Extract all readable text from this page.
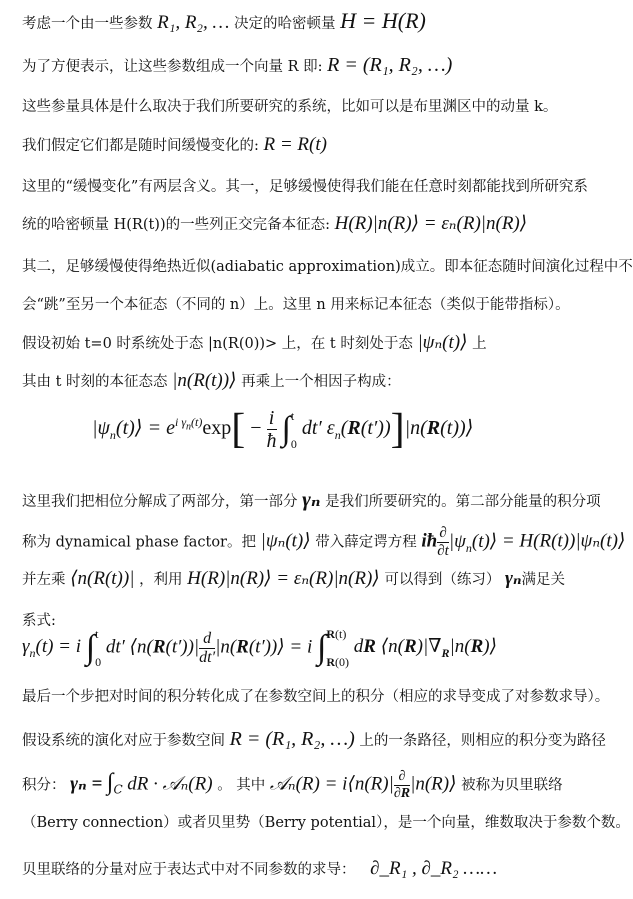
考虑一个由一些参数 R₁, R₂, … 决定的哈密顿量 H = H(R)
为了方便表示，让这些参数组成一个向量 R 即: R = (R₁, R₂, …)
这些参量具体是什么取决于我们所要研究的系统，比如可以是布里渊区中的动量 k。
我们假定它们都是随时间缓慢变化的: R = R(t)
这里的“缓慢变化”有两层含义。其一，足够缓慢使得我们能在任意时刻都能找到所研究系
统的哈密顿量 H(R(t))的一些列正交完备本征态: H(R)|n(R)⟩ = εₙ(R)|n(R)⟩
其二，足够缓慢使得绝热近似(adiabatic approximation)成立。即本征态随时间演化过程中不
会“跳”至另一个本征态（不同的 n）上。这里 n 用来标记本征态（类似于能带指标）。
假设初始 t=0 时系统处于态 |n(R(0))> 上，在 t 时刻处于态 |ψₙ(t)⟩ 上
其由 t 时刻的本征态态 |n(R(t))⟩ 再乘上一个相因子构成：
$|\psi_n(t)⟩ = e^{i \gamma_n(t)}\exp[ - \frac{i}{ħ}$ ∫ t
0
dt′ $\varepsilon_n(R(t'))]|n(R(t))⟩$
这里我们把相位分解成了两部分，第一部分 γₙ 是我们所要研究的。第二部分能量的积分项
称为 dynamical phase factor。把 |ψₙ(t)⟩ 带入薛定谔方程 iħ $\frac{\partial}{\partial t}$ $|\psi_n(t)⟩$ = H(R(t))|ψₙ(t)⟩
并左乘 ⟨n(R(t))| ，利用 H(R)|n(R)⟩ = εₙ(R)|n(R)⟩ 可以得到（练习） γₙ满足关
系式:
$\gamma_n(t) = i$ ∫ t
0
dt′ ⟨n(R(t′))| $\frac{d}{dt'}$ |n(R(t′))⟩ = i ∫ R(t)
R(0)
dR $⟨n(R)|\nabla_R|n(R)⟩$
最后一个步把对时间的积分转化成了在参数空间上的积分（相应的求导变成了对参数求导）。
假设系统的演化对应于参数空间 R = (R₁, R₂, …) 上的一条路径，则相应的积分变为路径
积分： $\gamma_n = \int_C$ dR · 𝒜ₙ(R) 。 其中 𝒜ₙ(R) = i⟨n(R)| $\frac{\partial}{\partial R}$ |n(R)⟩ 被称为贝里联络
（Berry connection）或者贝里势（Berry potential），是一个向量，维数取决于参数个数。
贝里联络的分量对应于表达式中对不同参数的求导： ∂_R₁ , ∂_R₂ ……
